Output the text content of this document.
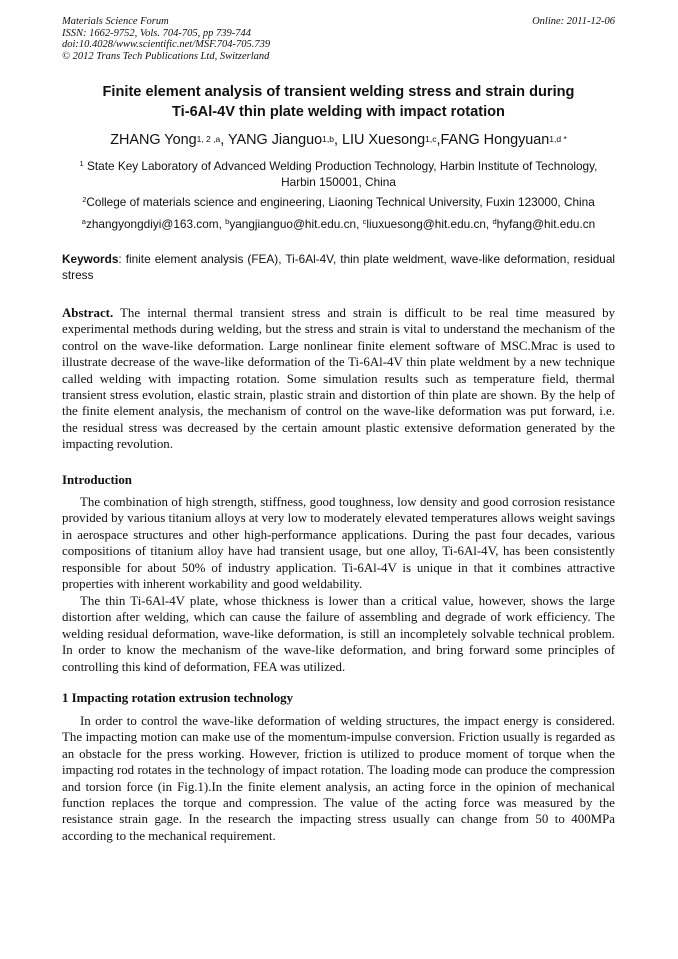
Materials Science Forum
ISSN: 1662-9752, Vols. 704-705, pp 739-744
doi:10.4028/www.scientific.net/MSF.704-705.739
© 2012 Trans Tech Publications Ltd, Switzerland
Online: 2011-12-06
Finite element analysis of transient welding stress and strain during
Ti-6Al-4V thin plate welding with impact rotation
ZHANG Yong$^{1, 2 ,a}$, YANG Jianguo$^{1,b}$, LIU Xuesong$^{1,c}$,FANG Hongyuan$^{1,d *}$
$^1$ State Key Laboratory of Advanced Welding Production Technology, Harbin Institute of Technology, Harbin 150001, China
$^2$College of materials science and engineering, Liaoning Technical University, Fuxin 123000, China
$^a$zhangyongdiyi@163.com, $^b$yangjianguo@hit.edu.cn, $^c$liuxuesong@hit.edu.cn, $^d$hyfang@hit.edu.cn
Keywords: finite element analysis (FEA), Ti-6Al-4V, thin plate weldment, wave-like deformation, residual stress
Abstract. The internal thermal transient stress and strain is difficult to be real time measured by experimental methods during welding, but the stress and strain is vital to understand the mechanism of the control on the wave-like deformation. Large nonlinear finite element software of MSC.Mrac is used to illustrate decrease of the wave-like deformation of the Ti-6Al-4V thin plate weldment by a new technique called welding with impacting rotation. Some simulation results such as temperature field, thermal transient stress evolution, elastic strain, plastic strain and distortion of thin plate are shown. By the help of the finite element analysis, the mechanism of control on the wave-like deformation was put forward, i.e. the residual stress was decreased by the certain amount plastic extensive deformation generated by the impacting revolution.
Introduction

The combination of high strength, stiffness, good toughness, low density and good corrosion resistance provided by various titanium alloys at very low to moderately elevated temperatures allows weight savings in aerospace structures and other high-performance applications. During the past four decades, various compositions of titanium alloy have had transient usage, but one alloy, Ti-6Al-4V, has been consistently responsible for about 50% of industry application. Ti-6Al-4V is unique in that it combines attractive properties with inherent workability and good weldability.

The thin Ti-6Al-4V plate, whose thickness is lower than a critical value, however, shows the large distortion after welding, which can cause the failure of assembling and degrade of work efficiency. The welding residual deformation, wave-like deformation, is still an incompletely solvable technical problem. In order to know the mechanism of the wave-like deformation, and bring forward some principles of controlling this kind of deformation, FEA was utilized.

1 Impacting rotation extrusion technology

In order to control the wave-like deformation of welding structures, the impact energy is considered. The impacting motion can make use of the momentum-impulse conversion. Friction usually is regarded as an obstacle for the press working. However, friction is utilized to produce moment of torque when the impacting rod rotates in the technology of impact rotation. The loading mode can produce the compression and torsion force (in Fig.1).In the finite element analysis, an acting force in the opinion of mechanical function replaces the torque and compression. The value of the acting force was measured by the resistance strain gage. In the research the impacting stress usually can change from 50 to 400MPa according to the mechanical requirement.
